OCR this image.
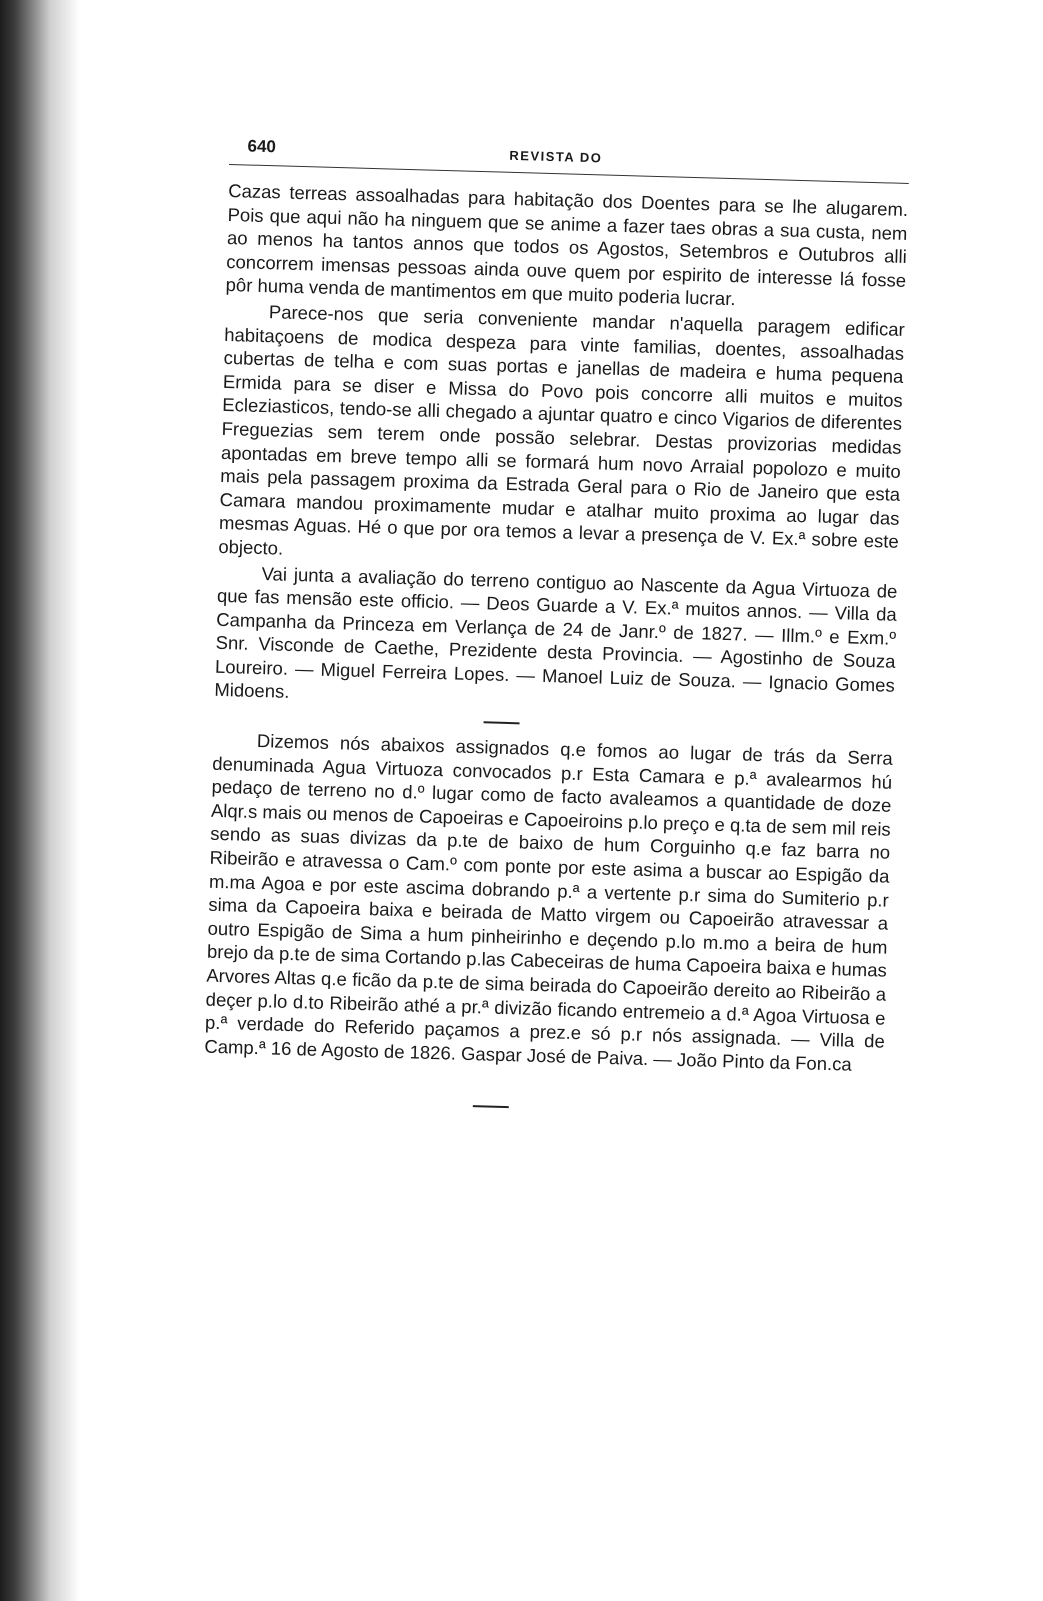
640
REVISTA DO

Cazas terreas assoalhadas para habitação dos Doentes para se lhe alugarem. Pois que aqui não ha ninguem que se anime a fazer taes obras a sua custa, nem ao menos ha tantos annos que todos os Agostos, Setembros e Outubros alli concorrem imensas pessoas ainda ouve quem por espirito de interesse lá fosse pôr huma venda de mantimentos em que muito poderia lucrar.

Parece-nos que seria conveniente mandar n'aquella paragem edificar habitaçoens de modica despeza para vinte familias, doentes, assoalhadas cubertas de telha e com suas portas e janellas de madeira e huma pequena Ermida para se diser e Missa do Povo pois concorre alli muitos e muitos Ecleziasticos, tendo-se alli chegado a ajuntar quatro e cinco Vigarios de diferentes Freguezias sem terem onde possão selebrar. Destas provizorias medidas apontadas em breve tempo alli se formará hum novo Arraial popolozo e muito mais pela passagem proxima da Estrada Geral para o Rio de Janeiro que esta Camara mandou proximamente mudar e atalhar muito proxima ao lugar das mesmas Aguas. Hé o que por ora temos a levar a presença de V. Ex.ª sobre este objecto.

Vai junta a avaliação do terreno contiguo ao Nascente da Agua Virtuoza de que fas mensão este officio. — Deos Guarde a V. Ex.ª muitos annos. — Villa da Campanha da Princeza em Verlança de 24 de Janr.º de 1827. — Illm.º e Exm.º Snr. Visconde de Caethe, Prezidente desta Provincia. — Agostinho de Souza Loureiro. — Miguel Ferreira Lopes. — Manoel Luiz de Souza. — Ignacio Gomes Midoens.

Dizemos nós abaixos assignados q.e fomos ao lugar de trás da Serra denuminada Agua Virtuoza convocados p.r Esta Camara e p.ª avalearmos hú pedaço de terreno no d.º lugar como de facto avaleamos a quantidade de doze Alqr.s mais ou menos de Capoeiras e Capoeiroins p.lo preço e q.ta de sem mil reis sendo as suas divizas da p.te de baixo de hum Corguinho q.e faz barra no Ribeirão e atravessa o Cam.º com ponte por este asima a buscar ao Espigão da m.ma Agoa e por este ascima dobrando p.ª a vertente p.r sima do Sumiterio p.r sima da Capoeira baixa e beirada de Matto virgem ou Capoeirão atravessar a outro Espigão de Sima a hum pinheirinho e deçendo p.lo m.mo a beira de hum brejo da p.te de sima Cortando p.las Cabeceiras de huma Capoeira baixa e humas Arvores Altas q.e ficão da p.te de sima beirada do Capoeirão dereito ao Ribeirão a deçer p.lo d.to Ribeirão athé a pr.ª divizão ficando entremeio a d.ª Agoa Virtuosa e p.ª verdade do Referido paçamos a prez.e só p.r nós assignada. — Villa de Camp.ª 16 de Agosto de 1826. Gaspar José de Paiva. — João Pinto da Fon.ca
